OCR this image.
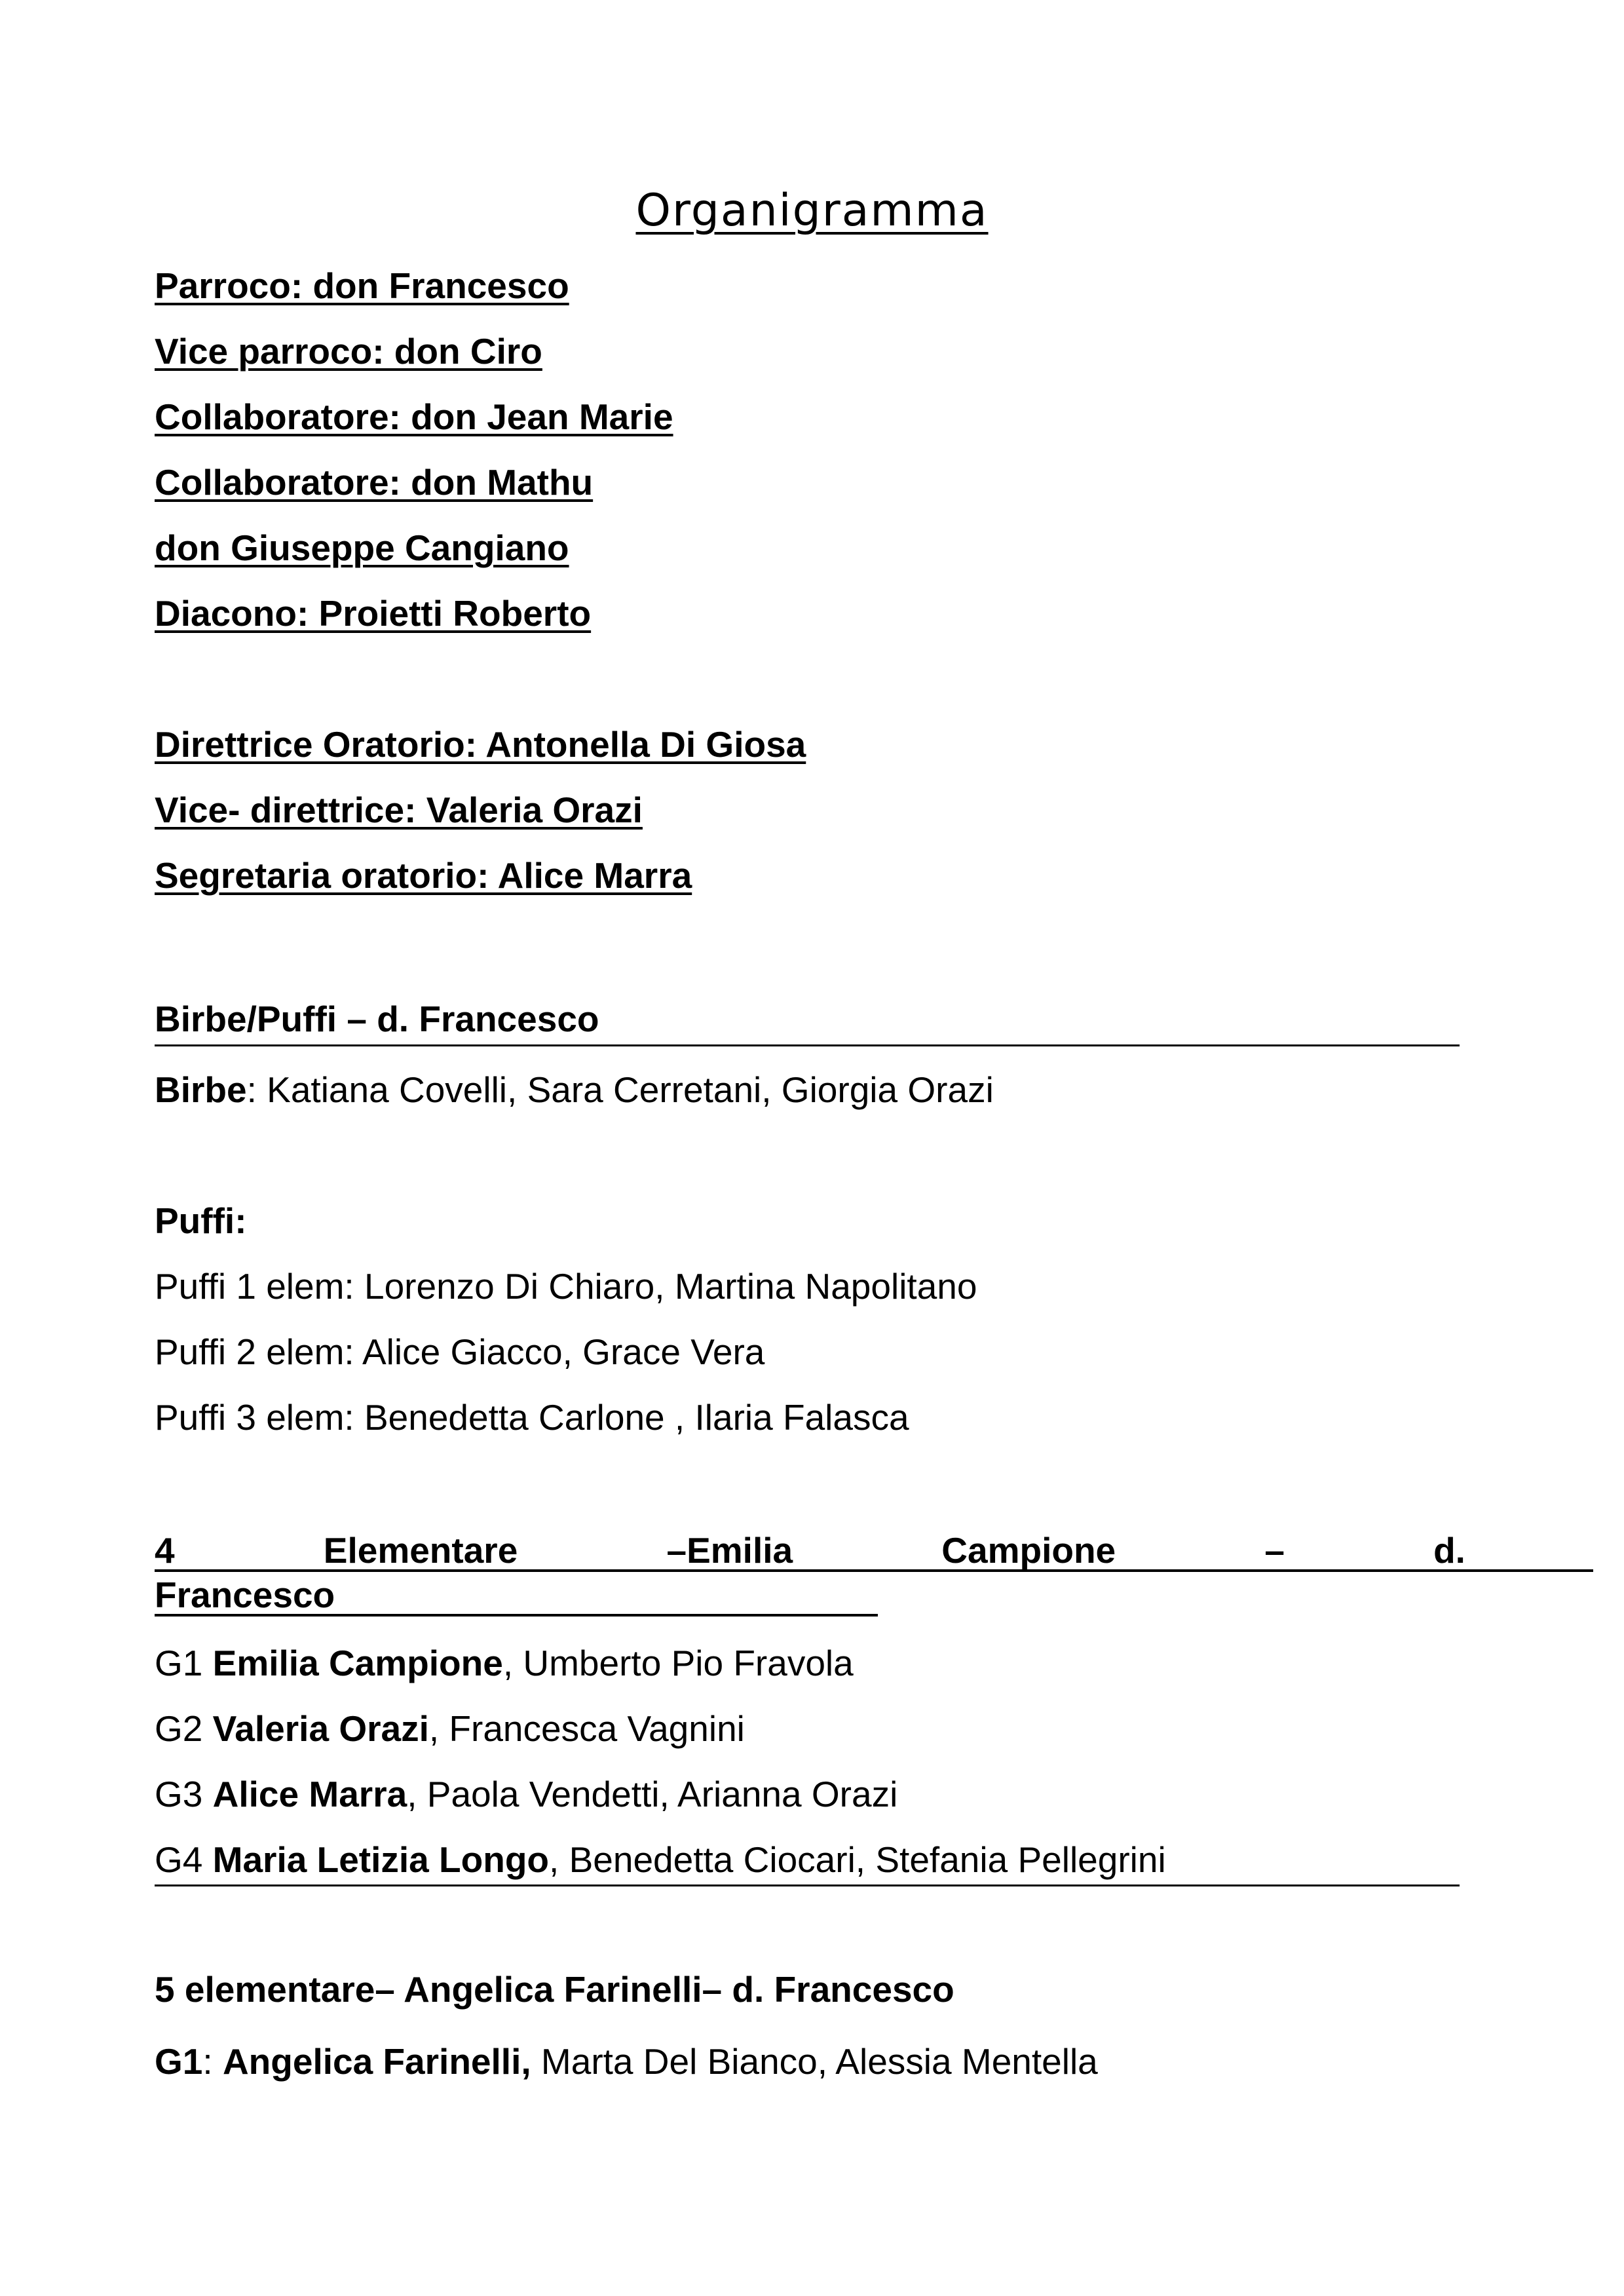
Organigramma
Parroco: don Francesco
Vice parroco: don Ciro
Collaboratore: don Jean Marie
Collaboratore: don Mathu
don Giuseppe Cangiano
Diacono: Proietti Roberto
Direttrice Oratorio: Antonella Di Giosa
Vice- direttrice: Valeria Orazi
Segretaria oratorio: Alice Marra
Birbe/Puffi – d. Francesco
Birbe: Katiana Covelli, Sara Cerretani, Giorgia Orazi
Puffi:
Puffi 1 elem: Lorenzo Di Chiaro, Martina Napolitano
Puffi 2 elem: Alice Giacco, Grace Vera
Puffi 3 elem: Benedetta Carlone , Ilaria Falasca
4	Elementare	–Emilia	Campione	–	d.
Francesco
G1 Emilia Campione, Umberto Pio Fravola
G2 Valeria Orazi, Francesca Vagnini
G3 Alice Marra, Paola Vendetti, Arianna Orazi
G4 Maria Letizia Longo, Benedetta Ciocari, Stefania Pellegrini
5 elementare– Angelica Farinelli– d. Francesco
G1: Angelica Farinelli, Marta Del Bianco, Alessia Mentella
